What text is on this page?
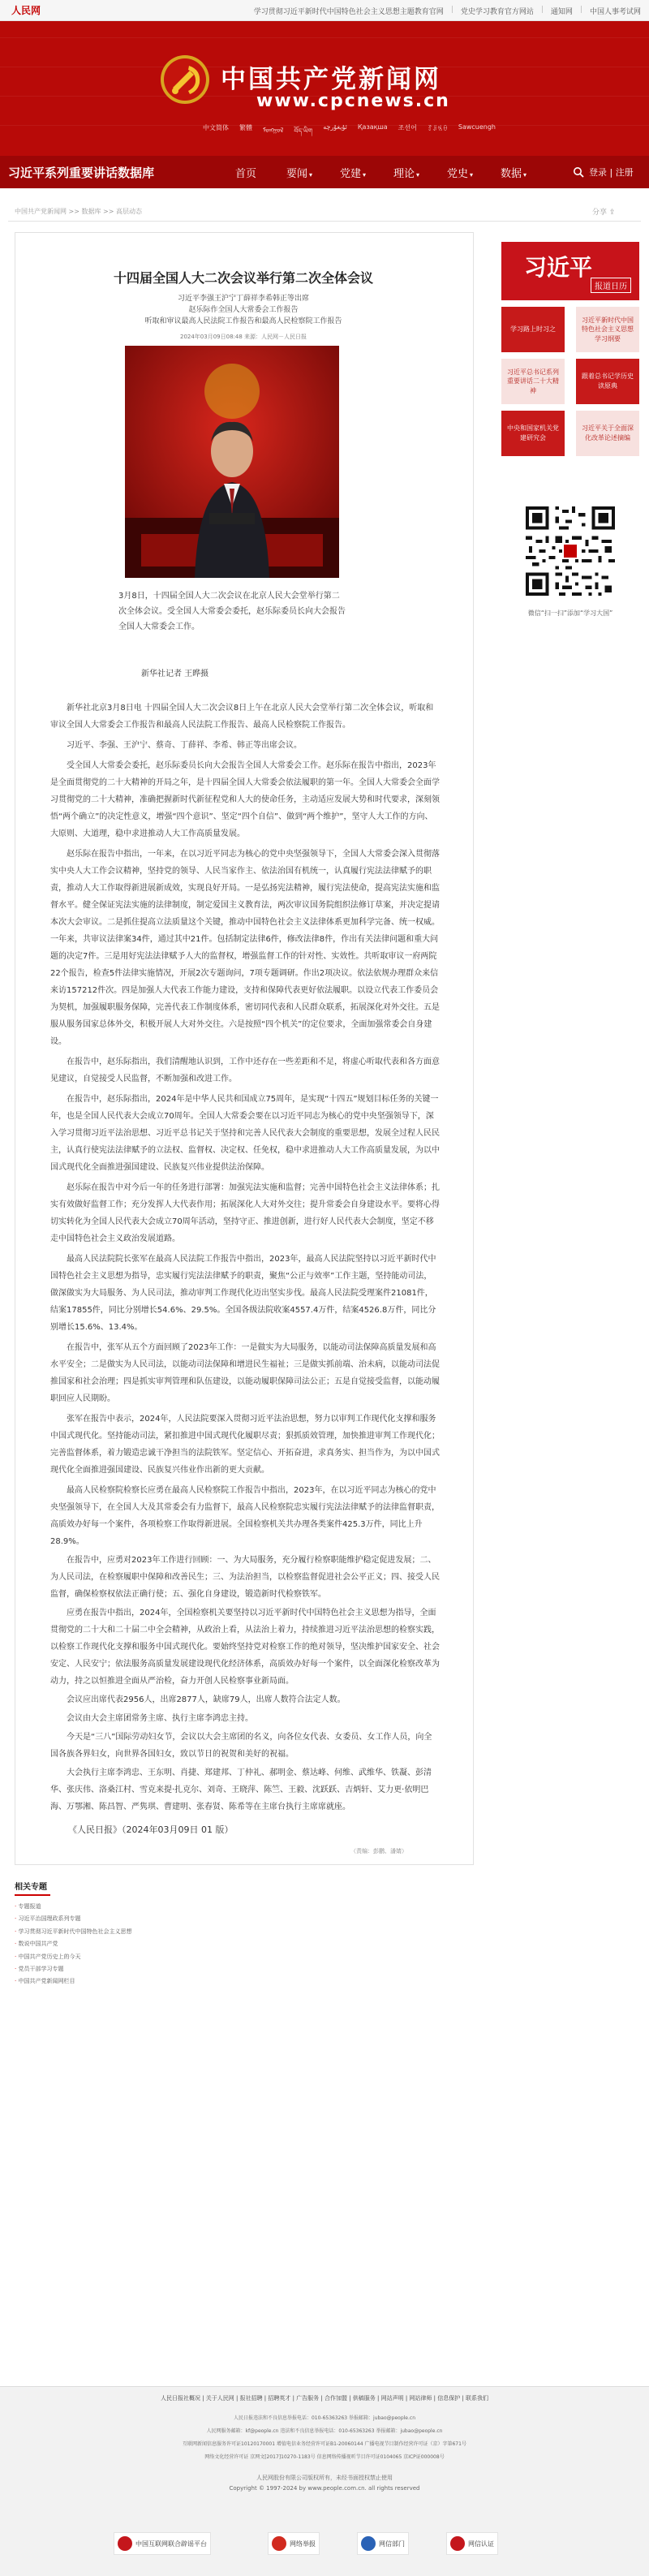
人民网	学习贯彻习近平新时代中国特色社会主义思想主题教育官网 | 党史学习教育官方网站 | 通知网 | 中国人事考试网
中国共产党新闻网
www.cpcnews.cn
中文简体 繁體 ᠮᠣᠩᠭᠣᠯ བོད་ཡིག
ئۇيغۇرچە Қазақша 조선어 ꆈꌠꁱꂷ Sawcuengh
习近平系列重要讲话数据库	首页	要闻 ▾	党建 ▾	理论 ▾	党史 ▾	数据 ▾	登录 | 注册
中国共产党新闻网 >> 数据库 >> 高层动态	分享 ⇪
十四届全国人大二次会议举行第二次全体会议
习近平李强王沪宁丁薛祥李希韩正等出席
赵乐际作全国人大常委会工作报告
听取和审议最高人民法院工作报告和最高人民检察院工作报告
2024年03月09日08:48 来源：人民网－人民日报
3月8日，十四届全国人大二次会议在北京人民大会堂举行第二次全体会议。受全国人大常委会委托，赵乐际委员长向大会报告全国人大常委会工作。
新华社记者 王晔摄
新华社北京3月8日电 十四届全国人大二次会议8日上午在北京人民大会堂举行第二次全体会议，听取和审议全国人大常委会工作报告和最高人民法院工作报告、最高人民检察院工作报告。
习近平、李强、王沪宁、蔡奇、丁薛祥、李希、韩正等出席会议。
受全国人大常委会委托，赵乐际委员长向大会报告全国人大常委会工作。赵乐际在报告中指出，2023年是全面贯彻党的二十大精神的开局之年，是十四届全国人大常委会依法履职的第一年。全国人大常委会全面学习贯彻党的二十大精神，准确把握新时代新征程党和人大的使命任务，主动适应发展大势和时代要求，深刻领悟“两个确立”的决定性意义，增强“四个意识”、坚定“四个自信”、做到“两个维护”，坚守人大工作的方向、大原则、大道理，稳中求进推动人大工作高质量发展。
赵乐际在报告中指出，一年来，在以习近平同志为核心的党中央坚强领导下，全国人大常委会深入贯彻落实中央人大工作会议精神，坚持党的领导、人民当家作主、依法治国有机统一，认真履行宪法法律赋予的职责，推动人大工作取得新进展新成效，实现良好开局。一是弘扬宪法精神，履行宪法使命，提高宪法实施和监督水平。健全保证宪法实施的法律制度，制定爱国主义教育法，两次审议国务院组织法修订草案，并决定提请本次大会审议。二是抓住提高立法质量这个关键，推动中国特色社会主义法律体系更加科学完备、统一权威。一年来，共审议法律案34件，通过其中21件。包括制定法律6件，修改法律8件，作出有关法律问题和重大问题的决定7件。三是用好宪法法律赋予人大的监督权，增强监督工作的针对性、实效性。共听取审议一府两院22个报告，检查5件法律实施情况，开展2次专题询问，7项专题调研。作出2项决议。依法依规办理群众来信来访157212件次。四是加强人大代表工作能力建设，支持和保障代表更好依法履职。以设立代表工作委员会为契机，加强履职服务保障，完善代表工作制度体系，密切同代表和人民群众联系，拓展深化对外交往。五是服从服务国家总体外交，积极开展人大对外交往。六是按照“四个机关”的定位要求，全面加强常委会自身建设。
在报告中，赵乐际指出，我们清醒地认识到，工作中还存在一些差距和不足，将虚心听取代表和各方面意见建议，自觉接受人民监督，不断加强和改进工作。
在报告中，赵乐际指出，2024年是中华人民共和国成立75周年，是实现“十四五”规划目标任务的关键一年，也是全国人民代表大会成立70周年。全国人大常委会要在以习近平同志为核心的党中央坚强领导下，深入学习贯彻习近平法治思想、习近平总书记关于坚持和完善人民代表大会制度的重要思想，发展全过程人民民主，认真行使宪法法律赋予的立法权、监督权、决定权、任免权，稳中求进推动人大工作高质量发展，为以中国式现代化全面推进强国建设、民族复兴伟业提供法治保障。
赵乐际在报告中对今后一年的任务进行部署：加强宪法实施和监督；完善中国特色社会主义法律体系；扎实有效做好监督工作；充分发挥人大代表作用；拓展深化人大对外交往；提升常委会自身建设水平。要将心得切实转化为全国人民代表大会成立70周年活动，坚持守正、推进创新，进行好人民代表大会制度，坚定不移走中国特色社会主义政治发展道路。
最高人民法院院长张军在最高人民法院工作报告中指出，2023年，最高人民法院坚持以习近平新时代中国特色社会主义思想为指导，忠实履行宪法法律赋予的职责，聚焦“公正与效率”工作主题，坚持能动司法，做深做实为大局服务、为人民司法，推动审判工作现代化迈出坚实步伐。最高人民法院受理案件21081件，结案17855件，同比分别增长54.6%、29.5%。全国各级法院收案4557.4万件，结案4526.8万件，同比分别增长15.6%、13.4%。
在报告中，张军从五个方面回顾了2023年工作：一是做实为大局服务，以能动司法保障高质量发展和高水平安全；二是做实为人民司法，以能动司法保障和增进民生福祉；三是做实抓前端、治未病，以能动司法促推国家和社会治理；四是抓实审判管理和队伍建设，以能动履职保障司法公正；五是自觉接受监督，以能动履职回应人民期盼。
张军在报告中表示，2024年，人民法院要深入贯彻习近平法治思想，努力以审判工作现代化支撑和服务中国式现代化。坚持能动司法，紧扣推进中国式现代化履职尽责；狠抓质效管理，加快推进审判工作现代化；完善监督体系，着力锻造忠诚干净担当的法院铁军。坚定信心、开拓奋进，求真务实、担当作为，为以中国式现代化全面推进强国建设、民族复兴伟业作出新的更大贡献。
最高人民检察院检察长应勇在最高人民检察院工作报告中指出，2023年，在以习近平同志为核心的党中央坚强领导下，在全国人大及其常委会有力监督下，最高人民检察院忠实履行宪法法律赋予的法律监督职责，高质效办好每一个案件，各项检察工作取得新进展。全国检察机关共办理各类案件425.3万件，同比上升28.9%。
在报告中，应勇对2023年工作进行回顾：一、为大局服务，充分履行检察职能维护稳定促进发展；二、为人民司法，在检察履职中保障和改善民生；三、为法治担当，以检察监督促进社会公平正义；四、接受人民监督，确保检察权依法正确行使；五、强化自身建设，锻造新时代检察铁军。
应勇在报告中指出，2024年，全国检察机关要坚持以习近平新时代中国特色社会主义思想为指导，全面贯彻党的二十大和二十届二中全会精神，从政治上看，从法治上着力，持续推进习近平法治思想的检察实践，以检察工作现代化支撑和服务中国式现代化。要始终坚持党对检察工作的绝对领导，坚决维护国家安全、社会安定、人民安宁；依法服务高质量发展建设现代化经济体系，高质效办好每一个案件，以全面深化检察改革为动力，持之以恒推进全面从严治检，奋力开创人民检察事业新局面。
会议应出席代表2956人，出席2877人，缺席79人，出席人数符合法定人数。
会议由大会主席团常务主席、执行主席李鸿忠主持。
今天是“三八”国际劳动妇女节，会议以大会主席团的名义，向各位女代表、女委员、女工作人员，向全国各族各界妇女，向世界各国妇女，致以节日的祝贺和美好的祝福。
大会执行主席李鸿忠、王东明、肖捷、郑建邦、丁仲礼、郝明金、蔡达峰、何维、武维华、铁凝、彭清华、张庆伟、洛桑江村、雪克来提·扎克尔、刘奇、王晓萍、陈竺、王毅、沈跃跃、吉炳轩、艾力更·依明巴海、万鄂湘、陈昌智、严隽琪、曹建明、张春贤、陈希等在主席台执行主席席就座。
《人民日报》（2024年03月09日 01 版）
（责编：彭鹏、潘婧）
习近平
报道日历
学习路上时习之
习近平新时代中国特色社会主义思想学习纲要
习近平总书记系列重要讲话二十大精神
跟着总书记学历史读原典
中央和国家机关党建研究会
习近平关于全面深化改革论述摘编
微信“扫一扫”添加“学习大国”
相关专题
· 专题报道
· 习近平治国理政系列专题
· 学习贯彻习近平新时代中国特色社会主义思想
· 数说中国共产党
· 中国共产党历史上的今天
· 党员干部学习专题
· 中国共产党新闻网栏目
人民日报社概况 | 关于人民网 | 报社招聘 | 招聘英才 | 广告服务 | 合作加盟 | 供稿服务 | 网站声明 | 网站律师 | 信息保护 | 联系我们
人民日报违法和不良信息举报电话：010-65363263 举报邮箱：jubao@people.cn
人民网服务邮箱：kf@people.cn 违法和不良信息举报电话：010-65363263 举报邮箱：jubao@people.cn
互联网新闻信息服务许可证10120170001 增值电信业务经营许可证B1-20060144 广播电视节目制作经营许可证（京）字第671号
网络文化经营许可证 京网文[2017]10270-1183号 信息网络传播视听节目许可证0104065 京ICP证000008号
人民网股份有限公司版权所有，未经书面授权禁止使用
Copyright © 1997-2024 by www.people.com.cn. all rights reserved
中国互联网联合辟谣平台	网络举报	网信部门	网信认证
